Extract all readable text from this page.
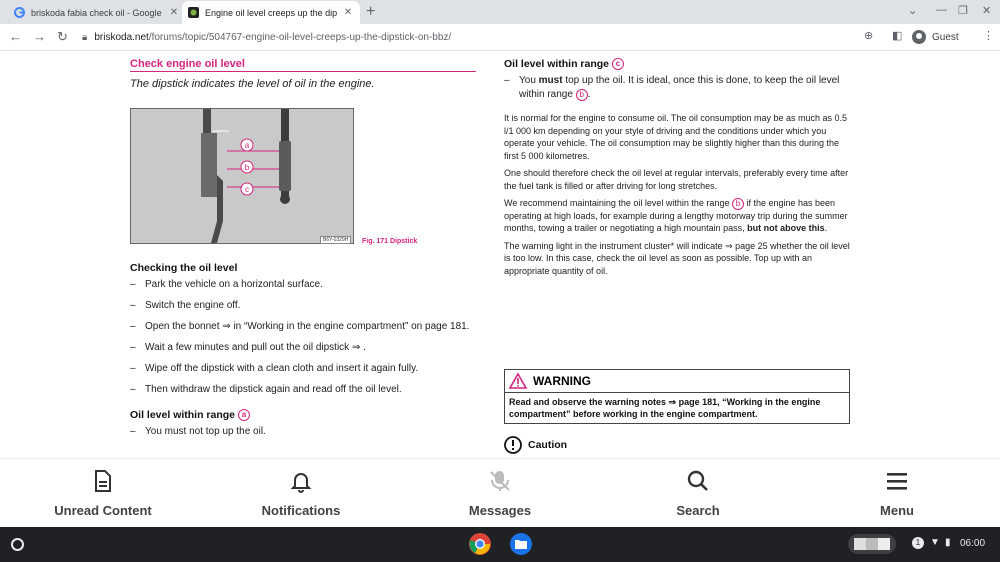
briskoda fabia check oil - Google ✕	Engine oil level creeps up the dip ✕ +	⌄ — ❐ ✕
← → ↻ 🔒︎ briskoda.net /forums/topic/504767-engine-oil-level-creeps-up-the-dipstick-on-bbz/	⊕ ◧	Guest ⋮
Check engine oil level
The dipstick indicates the level of oil in the engine.
a
b
c
B6Y-0329H	Fig. 171 Dipstick
Checking the oil level
– Park the vehicle on a horizontal surface.
– Switch the engine off.
– Open the bonnet ⇒ in “Working in the engine compartment” on page 181.
– Wait a few minutes and pull out the oil dipstick ⇒ .
– Wipe off the dipstick with a clean cloth and insert it again fully.
– Then withdraw the dipstick again and read off the oil level.
Oil level within range a
– You must not top up the oil.
Oil level within range c
– You must top up the oil. It is ideal, once this is done, to keep the oil level within range b .

It is normal for the engine to consume oil. The oil consumption may be as much as 0.5 l/1 000 km depending on your style of driving and the conditions under which you operate your vehicle. The oil consumption may be slightly higher than this during the first 5 000 kilometres.

One should therefore check the oil level at regular intervals, preferably every time after the fuel tank is filled or after driving for long stretches.

We recommend maintaining the oil level within the range b if the engine has been operating at high loads, for example during a lengthy motorway trip during the summer months, towing a trailer or negotiating a high mountain pass, but not above this.

The warning light in the instrument cluster* will indicate ⇒ page 25 whether the oil level is too low. In this case, check the oil level as soon as possible. Top up with an appropriate quantity of oil.

WARNING
Read and observe the warning notes ⇒ page 181, “Working in the engine compartment” before working in the engine compartment.
Caution

Unread Content	Notifications	Messages	Search	Menu
1 ▼ ▮ 06:00
